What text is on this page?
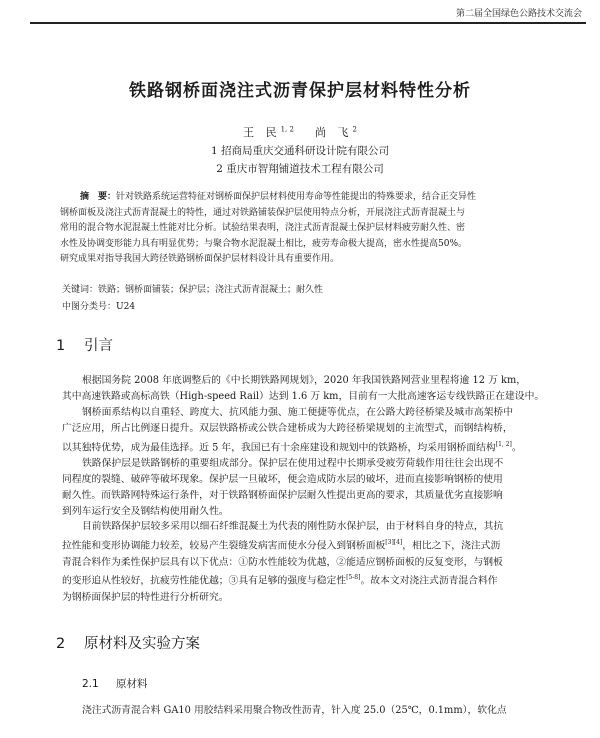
第二届全国绿色公路技术交流会
铁路钢桥面浇注式沥青保护层材料特性分析
王 民$^{1, 2}$ 尚 飞$^2$
1 招商局重庆交通科研设计院有限公司
2 重庆市智翔铺道技术工程有限公司
摘　要：针对铁路系统运营特征对钢桥面保护层材料使用寿命等性能提出的特殊要求，结合正交异性
钢桥面板及浇注式沥青混凝土的特性，通过对铁路铺装保护层使用特点分析，开展浇注式沥青混凝土与
常用的混合物水泥混凝土性能对比分析。试验结果表明，浇注式沥青混凝土保护层材料疲劳耐久性、密
水性及协调变形能力具有明显优势；与聚合物水泥混凝土相比，疲劳寿命极大提高，密水性提高50%。
研究成果对指导我国大跨径铁路钢桥面保护层材料设计具有重要作用。
关键词：铁路；钢桥面铺装；保护层；浇注式沥青混凝土；耐久性
中图分类号：U24
1 引言
根据国务院 2008 年底调整后的《中长期铁路网规划》，2020 年我国铁路网营业里程将逾 12 万 km，
其中高速铁路或高标高铁（High-speed Rail）达到 1.6 万 km，目前有一大批高速客运专线铁路正在建设中。
钢桥面系结构以自重轻、跨度大、抗风能力强、施工便捷等优点，在公路大跨径桥梁及城市高架桥中
广泛应用，所占比例逐日提升。双层铁路桥或公铁合建桥成为大跨径桥梁规划的主流型式，而钢结构桥，
以其独特优势，成为最佳选择。近 5 年，我国已有十余座建设和规划中的铁路桥，均采用钢桥面结构[1, 2]。
铁路保护层是铁路钢桥的重要组成部分。保护层在使用过程中长期承受疲劳荷载作用往往会出现不
同程度的裂缝、破碎等破坏现象。保护层一旦破坏，便会造成防水层的破坏，进而直接影响钢桥的使用
耐久性。而铁路网特殊运行条件，对于铁路钢桥面保护层耐久性提出更高的要求，其质量优劣直接影响
到列车运行安全及钢结构使用耐久性。
目前铁路保护层较多采用以细石纤维混凝土为代表的刚性防水保护层，由于材料自身的特点，其抗
拉性能和变形协调能力较差，较易产生裂缝发病害而使水分侵入到钢桥面板[3][4]，相比之下，浇注式沥
青混合料作为柔性保护层具有以下优点：①防水性能较为优越，②能适应钢桥面板的反复变形，与钢板
的变形追从性较好，抗疲劳性能优越；③具有足够的强度与稳定性[5-8]。故本文对浇注式沥青混合料作
为钢桥面保护层的特性进行分析研究。
2 原材料及实验方案
2.1 原材料
浇注式沥青混合料 GA10 用胶结料采用聚合物改性沥青，针入度 25.0（25℃，0.1mm），软化点
